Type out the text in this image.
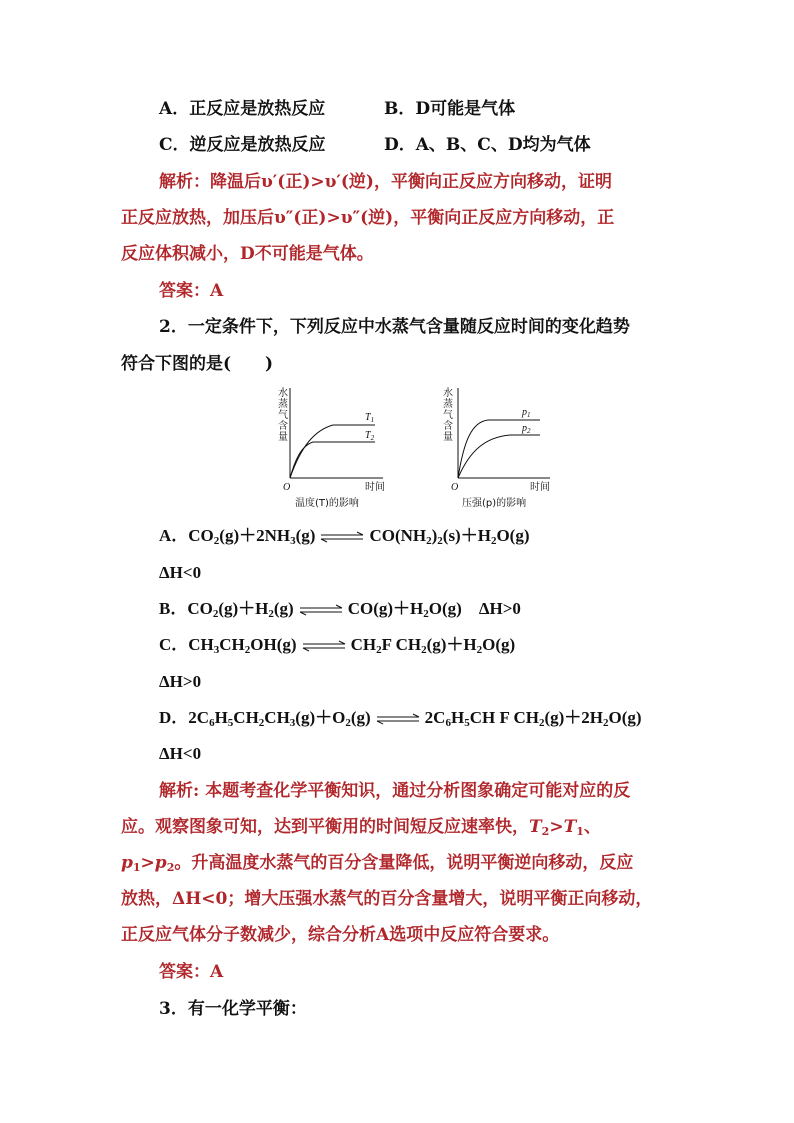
A．正反应是放热反应	B．D可能是气体
C．逆反应是放热反应	D．A、B、C、D均为气体
解析：降温后υ′(正)>υ′(逆)，平衡向正反应方向移动，证明
正反应放热，加压后υ″(正)>υ″(逆)，平衡向正反应方向移动，正
反应体积减小，D不可能是气体。
答案：A
2．一定条件下，下列反应中水蒸气含量随反应时间的变化趋势
符合下图的是(　　)
水
蒸
气
含
量
$T_1$
$T_2$
O	时间
温度(T)的影响
水
蒸
气
含
量
$p_1$
$p_2$
O	时间
压强(p)的影响
A．$CO_2(g)+2NH_3(g)$ ⇌ $CO(NH_2)_2(s)+H_2O(g)$
ΔH<0
B．$CO_2(g)+H_2(g)$ ⇌ $CO(g)+H_2O(g)$    ΔH>0
C．$CH_3CH_2OH(g)$ ⇌ $CH_2F$ $CH_2(g)+H_2O(g)$
ΔH>0
D．$2C_6H_5CH_2CH_3(g)+O_2(g)$ ⇌ $2C_6H_5CH$ F $CH_2(g)+2H_2O(g)$
ΔH<0
解析: 本题考查化学平衡知识，通过分析图象确定可能对应的反
应。观察图象可知，达到平衡用的时间短反应速率快，$T_2>T_1$、
$p_1>p_2$。升高温度水蒸气的百分含量降低，说明平衡逆向移动，反应
放热，ΔH<0；增大压强水蒸气的百分含量增大，说明平衡正向移动，
正反应气体分子数减少，综合分析A选项中反应符合要求。
答案：A
3．有一化学平衡：
